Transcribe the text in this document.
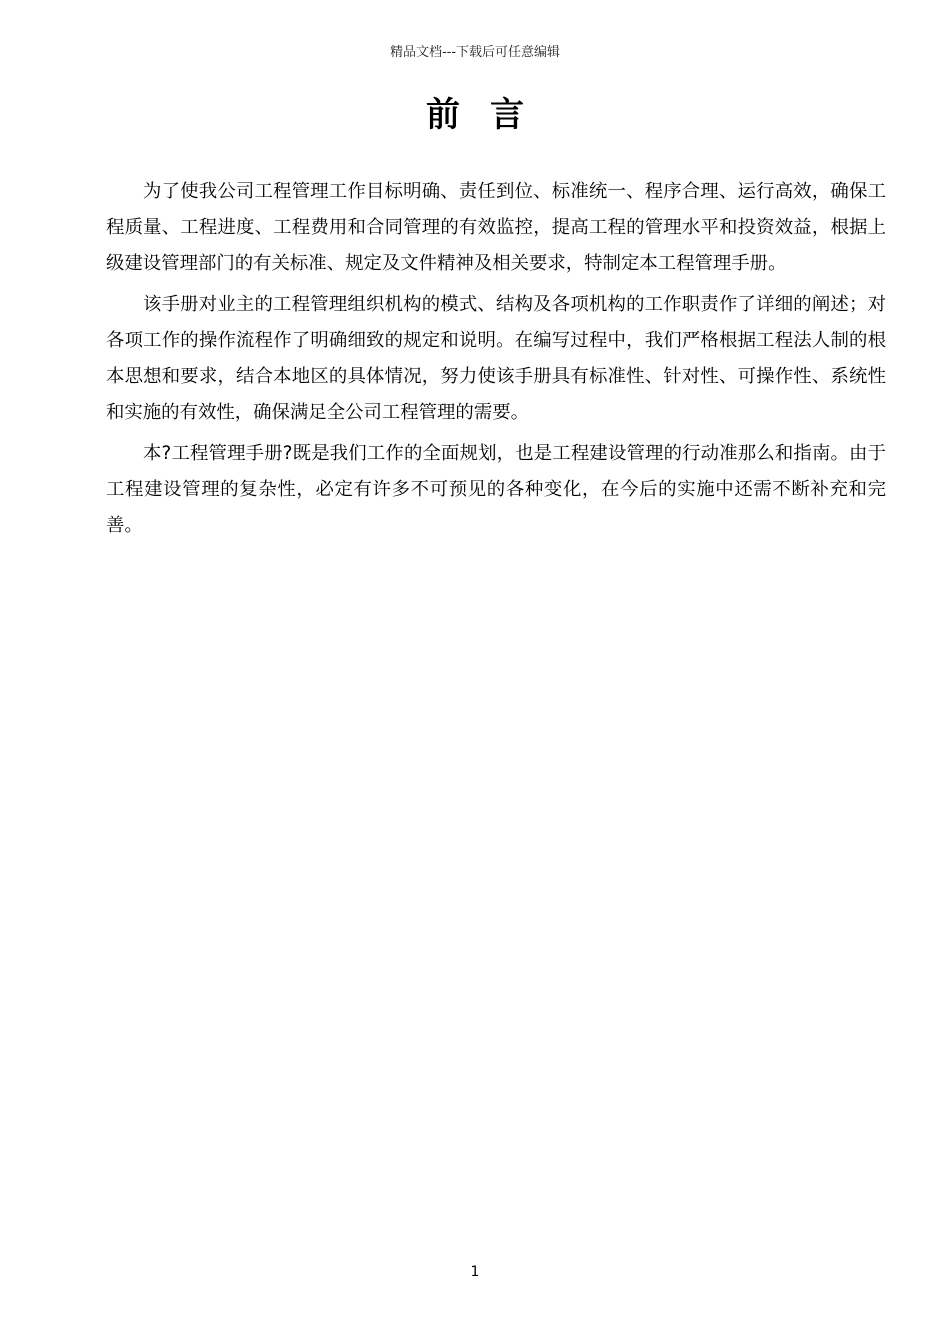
精品文档---下载后可任意编辑
前言

为了使我公司工程管理工作目标明确、责任到位、标准统一、程序合理、运行高效，确保工程质量、工程进度、工程费用和合同管理的有效监控，提高工程的管理水平和投资效益，根据上级建设管理部门的有关标准、规定及文件精神及相关要求，特制定本工程管理手册。

该手册对业主的工程管理组织机构的模式、结构及各项机构的工作职责作了详细的阐述；对各项工作的操作流程作了明确细致的规定和说明。在编写过程中，我们严格根据工程法人制的根本思想和要求，结合本地区的具体情况，努力使该手册具有标准性、针对性、可操作性、系统性和实施的有效性，确保满足全公司工程管理的需要。

本?工程管理手册?既是我们工作的全面规划，也是工程建设管理的行动准那么和指南。由于工程建设管理的复杂性，必定有许多不可预见的各种变化，在今后的实施中还需不断补充和完善。

1
